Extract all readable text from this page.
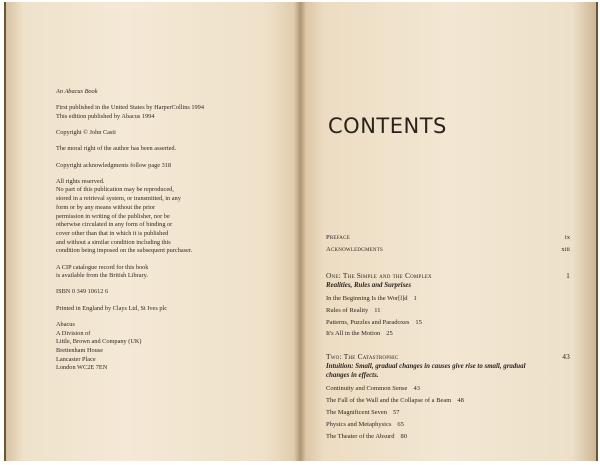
An Abacus Book

First published in the United States by HarperCollins 1994
This edition published by Abacus 1994

Copyright © John Casti

The moral right of the author has been asserted.

Copyright acknowledgments follow page 318

All rights reserved.
No part of this publication may be reproduced,
stored in a retrieval system, or transmitted, in any
form or by any means without the prior
permission in writing of the publisher, nor be
otherwise circulated in any form of binding or
cover other than that in which it is published
and without a similar condition including this
condition being imposed on the subsequent purchaser.

A CIP catalogue record for this book
is available from the British Library.

ISBN 0 349 10612 6

Printed in England by Clays Ltd, St Ives plc

Abacus
A Division of
Little, Brown and Company (UK)
Brettenham House
Lancaster Place
London WC2E 7EN

CONTENTS
Preface	ix
Acknowledgments	xiii
One: The Simple and the Complex	1
Realities, Rules and Surprises
In the Beginning Is the Wor[l]d 1
Rules of Reality 11
Patterns, Puzzles and Paradoxes 15
It's All in the Motion 25
Two: The Catastrophic	43
Intuition: Small, gradual changes in causes give rise to small, gradual changes in effects.
Continuity and Common Sense 43
The Fall of the Wall and the Collapse of a Beam 48
The Magnificent Seven 57
Physics and Metaphysics 65
The Theater of the Absurd 80
